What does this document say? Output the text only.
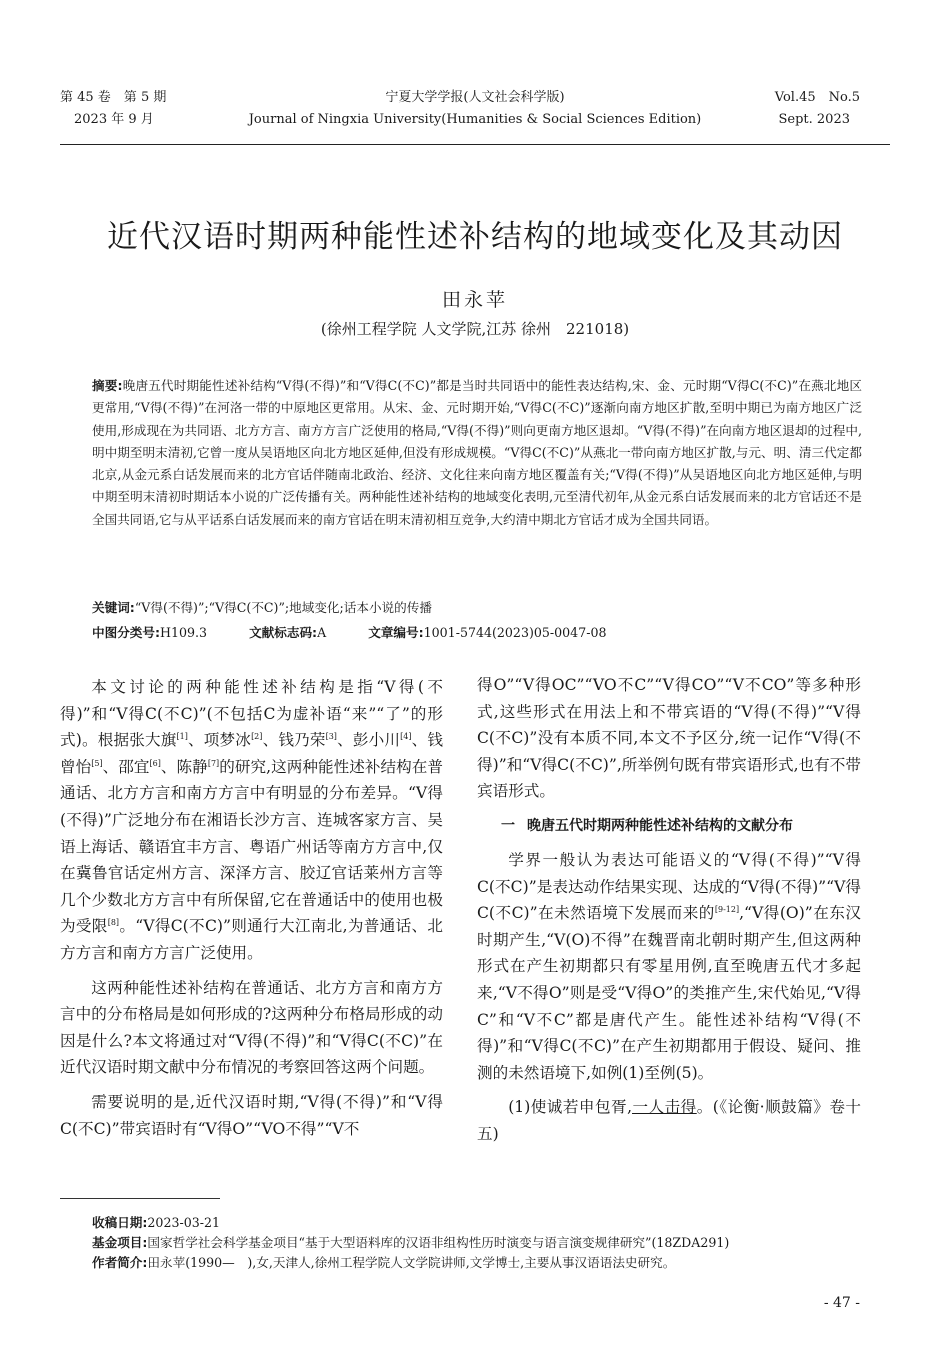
第 45 卷　第 5 期
2023 年 9 月
宁夏大学学报(人文社会科学版)
Journal of Ningxia University(Humanities & Social Sciences Edition)
Vol.45　No.5
Sept. 2023
近代汉语时期两种能性述补结构的地域变化及其动因
田永苹
(徐州工程学院 人文学院,江苏 徐州　221018)
摘要:晚唐五代时期能性述补结构“V得(不得)”和“V得C(不C)”都是当时共同语中的能性表达结构,宋、金、元时期“V得C(不C)”在燕北地区更常用,“V得(不得)”在河洛一带的中原地区更常用。从宋、金、元时期开始,“V得C(不C)”逐渐向南方地区扩散,至明中期已为南方地区广泛使用,形成现在为共同语、北方方言、南方方言广泛使用的格局,“V得(不得)”则向更南方地区退却。“V得(不得)”在向南方地区退却的过程中,明中期至明末清初,它曾一度从吴语地区向北方地区延伸,但没有形成规模。“V得C(不C)”从燕北一带向南方地区扩散,与元、明、清三代定都北京,从金元系白话发展而来的北方官话伴随南北政治、经济、文化往来向南方地区覆盖有关;“V得(不得)”从吴语地区向北方地区延伸,与明中期至明末清初时期话本小说的广泛传播有关。两种能性述补结构的地域变化表明,元至清代初年,从金元系白话发展而来的北方官话还不是全国共同语,它与从平话系白话发展而来的南方官话在明末清初相互竞争,大约清中期北方官话才成为全国共同语。
关键词:“V得(不得)”;“V得C(不C)”;地域变化;话本小说的传播
中图分类号:H109.3	文献标志码:A	文章编号:1001-5744(2023)05-0047-08

本文讨论的两种能性述补结构是指“V得(不得)”和“V得C(不C)”(不包括C为虚补语“来”“了”的形式)。根据张大旗[1]、项梦冰[2]、钱乃荣[3]、彭小川[4]、钱曾怡[5]、邵宜[6]、陈静[7]的研究,这两种能性述补结构在普通话、北方方言和南方方言中有明显的分布差异。“V得(不得)”广泛地分布在湘语长沙方言、连城客家方言、吴语上海话、赣语宜丰方言、粤语广州话等南方方言中,仅在冀鲁官话定州方言、深泽方言、胶辽官话莱州方言等几个少数北方方言中有所保留,它在普通话中的使用也极为受限[8]。“V得C(不C)”则通行大江南北,为普通话、北方方言和南方方言广泛使用。

这两种能性述补结构在普通话、北方方言和南方方言中的分布格局是如何形成的?这两种分布格局形成的动因是什么?本文将通过对“V得(不得)”和“V得C(不C)”在近代汉语时期文献中分布情况的考察回答这两个问题。

需要说明的是,近代汉语时期,“V得(不得)”和“V得C(不C)”带宾语时有“V得O”“VO不得”“V不

得O”“V得OC”“VO不C”“V得CO”“V不CO”等多种形式,这些形式在用法上和不带宾语的“V得(不得)”“V得C(不C)”没有本质不同,本文不予区分,统一记作“V得(不得)”和“V得C(不C)”,所举例句既有带宾语形式,也有不带宾语形式。

一 晚唐五代时期两种能性述补结构的文献分布

学界一般认为表达可能语义的“V得(不得)”“V得C(不C)”是表达动作结果实现、达成的“V得(不得)”“V得C(不C)”在未然语境下发展而来的[9-12],“V得(O)”在东汉时期产生,“V(O)不得”在魏晋南北朝时期产生,但这两种形式在产生初期都只有零星用例,直至晚唐五代才多起来,“V不得O”则是受“V得O”的类推产生,宋代始见,“V得C”和“V不C”都是唐代产生。能性述补结构“V得(不得)”和“V得C(不C)”在产生初期都用于假设、疑问、推测的未然语境下,如例(1)至例(5)。

(1)使诚若申包胥,一人击得。(《论衡·顺鼓篇》卷十五)

收稿日期:2023-03-21
基金项目:国家哲学社会科学基金项目“基于大型语料库的汉语非组构性历时演变与语言演变规律研究”(18ZDA291)
作者简介:田永苹(1990—　),女,天津人,徐州工程学院人文学院讲师,文学博士,主要从事汉语语法史研究。
- 47 -
